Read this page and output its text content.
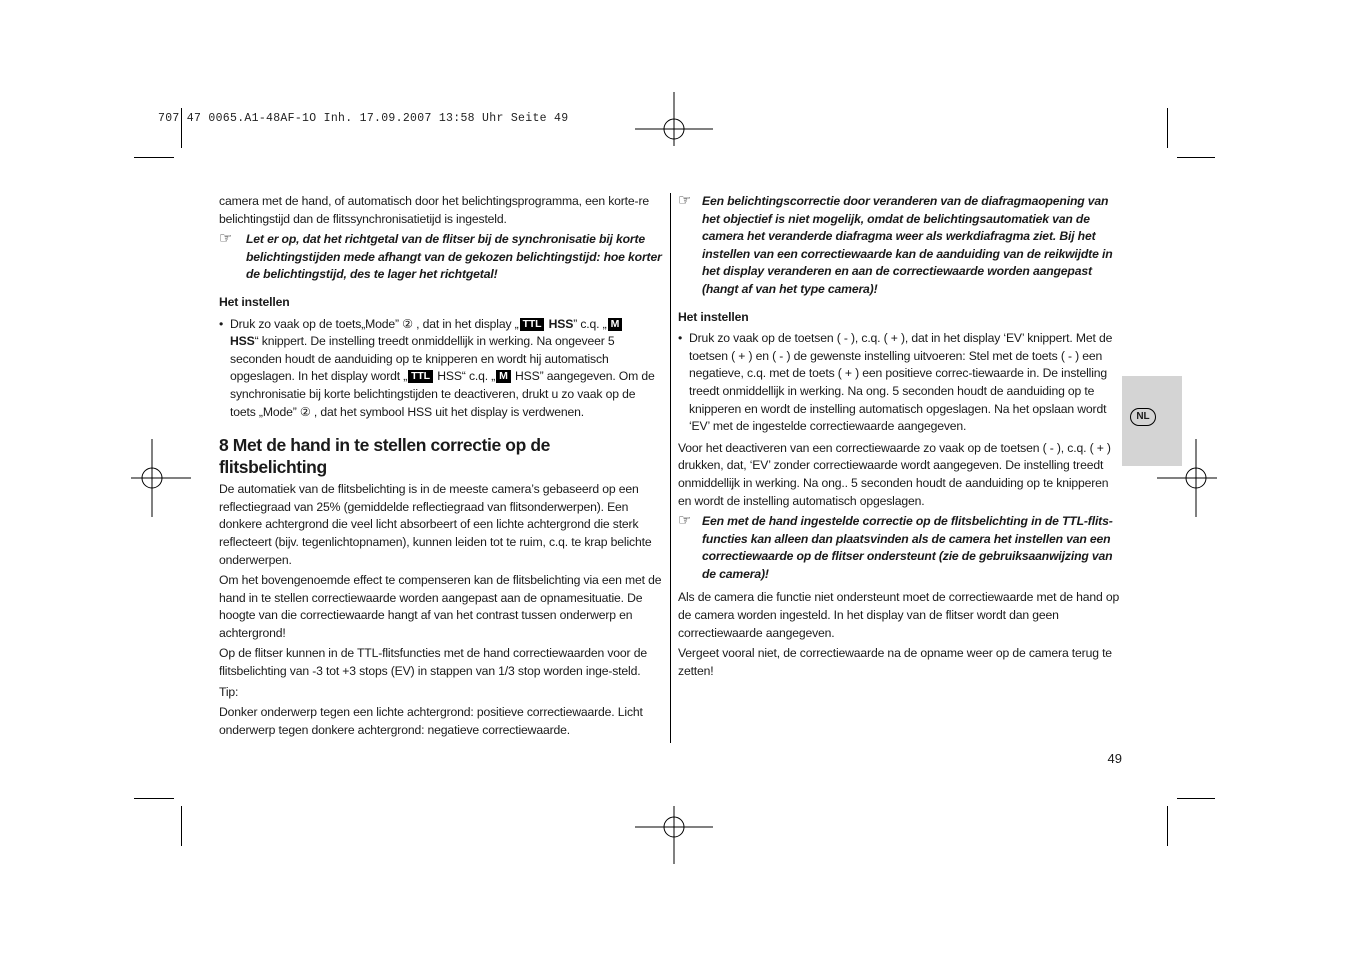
707 47 0065.A1-48AF-1O Inh. 17.09.2007 13:58 Uhr Seite 49
NL

camera met de hand, of automatisch door het belichtingsprogramma, een korte-re belichtingstijd dan de flitssynchronisatietijd is ingesteld.

☞ Let er op, dat het richtgetal van de flitser bij de synchronisatie bij korte belichtingstijden mede afhangt van de gekozen belichtingstijd: hoe korter de belichtingstijd, des te lager het richtgetal!
Het instellen
• Druk zo vaak op de toets„Mode” ② , dat in het display „ TTL HSS” c.q. „ M
HSS“ knippert. De instelling treedt onmiddellijk in werking. Na ongeveer 5 seconden houdt de aanduiding op te knipperen en wordt hij automatisch opgeslagen. In het display wordt „ TTL HSS“ c.q. „ M HSS” aangegeven. Om de synchronisatie bij korte belichtingstijden te deactiveren, drukt u zo vaak op de toets „Mode” ② , dat het symbool HSS uit het display is verdwenen.
8 Met de hand in te stellen correctie op de flitsbelichting

De automatiek van de flitsbelichting is in de meeste camera’s gebaseerd op een reflectiegraad van 25% (gemiddelde reflectiegraad van flitsonderwerpen). Een donkere achtergrond die veel licht absorbeert of een lichte achtergrond die sterk reflecteert (bijv. tegenlichtopnamen), kunnen leiden tot te ruim, c.q. te krap belichte onderwerpen.

Om het bovengenoemde effect te compenseren kan de flitsbelichting via een met de hand in te stellen correctiewaarde worden aangepast aan de opnamesituatie. De hoogte van die correctiewaarde hangt af van het contrast tussen onderwerp en achtergrond!

Op de flitser kunnen in de TTL-flitsfuncties met de hand correctiewaarden voor de flitsbelichting van -3 tot +3 stops (EV) in stappen van 1/3 stop worden inge-steld.

Tip:

Donker onderwerp tegen een lichte achtergrond: positieve correctiewaarde. Licht onderwerp tegen donkere achtergrond: negatieve correctiewaarde.

☞ Een belichtingscorrectie door veranderen van de diafragmaopening van het objectief is niet mogelijk, omdat de belichtingsautomatiek van de camera het veranderde diafragma weer als werkdiafragma ziet. Bij het instellen van een correctiewaarde kan de aanduiding van de reikwijdte in het display veranderen en aan de correctiewaarde worden aangepast (hangt af van het type camera)!
Het instellen
• Druk zo vaak op de toetsen ( - ), c.q. ( + ), dat in het display ‘EV’ knippert. Met de toetsen ( + ) en ( - ) de gewenste instelling uitvoeren: Stel met de toets ( - ) een negatieve, c.q. met de toets ( + ) een positieve correc-tiewaarde in. De instelling treedt onmiddellijk in werking. Na ong. 5 seconden houdt de aanduiding op te knipperen en wordt de instelling automatisch opgeslagen. Na het opslaan wordt ‘EV’ met de ingestelde correctiewaarde aangegeven.

Voor het deactiveren van een correctiewaarde zo vaak op de toetsen ( - ), c.q. ( + ) drukken, dat, ‘EV’ zonder correctiewaarde wordt aangegeven. De instelling treedt onmiddellijk in werking. Na ong.. 5 seconden houdt de aanduiding op te knipperen en wordt de instelling automatisch opgeslagen.

☞ Een met de hand ingestelde correctie op de flitsbelichting in de TTL-flits-functies kan alleen dan plaatsvinden als de camera het instellen van een correctiewaarde op de flitser ondersteunt (zie de gebruiksaanwijzing van de camera)!

Als de camera die functie niet ondersteunt moet de correctiewaarde met de hand op de camera worden ingesteld. In het display van de flitser wordt dan geen correctiewaarde aangegeven.

Vergeet vooral niet, de correctiewaarde na de opname weer op de camera terug te zetten!

49
